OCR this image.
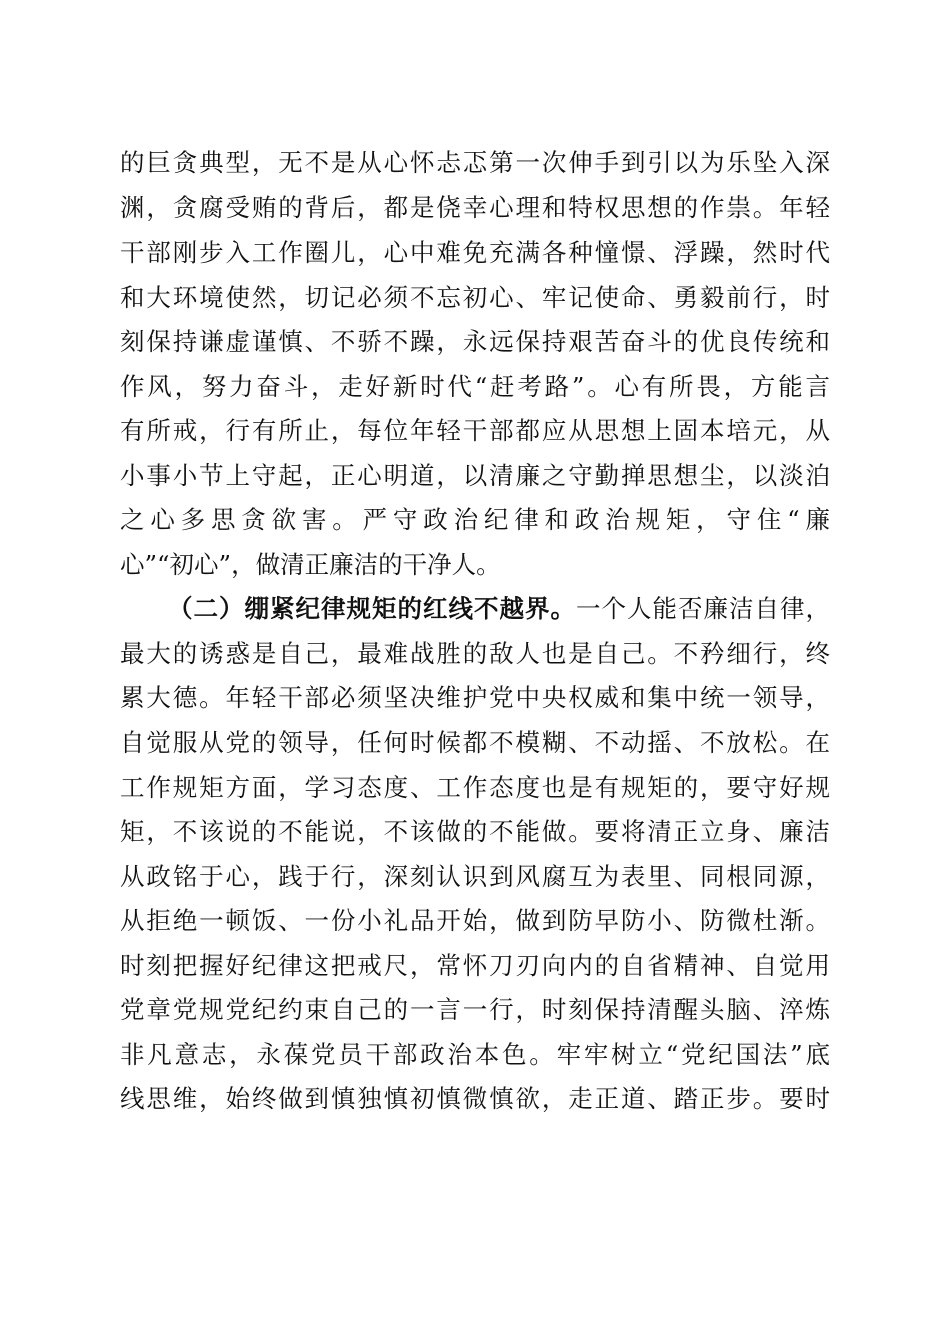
的巨贪典型，无不是从心怀忐忑第一次伸手到引以为乐坠入深
渊，贪腐受贿的背后，都是侥幸心理和特权思想的作祟。年轻
干部刚步入工作圈儿，心中难免充满各种憧憬、浮躁，然时代
和大环境使然，切记必须不忘初心、牢记使命、勇毅前行，时
刻保持谦虚谨慎、不骄不躁，永远保持艰苦奋斗的优良传统和
作风，努力奋斗，走好新时代“赶考路”。心有所畏，方能言
有所戒，行有所止，每位年轻干部都应从思想上固本培元，从
小事小节上守起，正心明道，以清廉之守勤掸思想尘，以淡泊
之心多思贪欲害。严守政治纪律和政治规矩，守住“廉
心”“初心”，做清正廉洁的干净人。
（二）绷紧纪律规矩的红线不越界。一个人能否廉洁自律，
最大的诱惑是自己，最难战胜的敌人也是自己。不矜细行，终
累大德。年轻干部必须坚决维护党中央权威和集中统一领导，
自觉服从党的领导，任何时候都不模糊、不动摇、不放松。在
工作规矩方面，学习态度、工作态度也是有规矩的，要守好规
矩，不该说的不能说，不该做的不能做。要将清正立身、廉洁
从政铭于心，践于行，深刻认识到风腐互为表里、同根同源，
从拒绝一顿饭、一份小礼品开始，做到防早防小、防微杜渐。
时刻把握好纪律这把戒尺，常怀刀刃向内的自省精神、自觉用
党章党规党纪约束自己的一言一行，时刻保持清醒头脑、淬炼
非凡意志，永葆党员干部政治本色。牢牢树立“党纪国法”底
线思维，始终做到慎独慎初慎微慎欲，走正道、踏正步。要时
